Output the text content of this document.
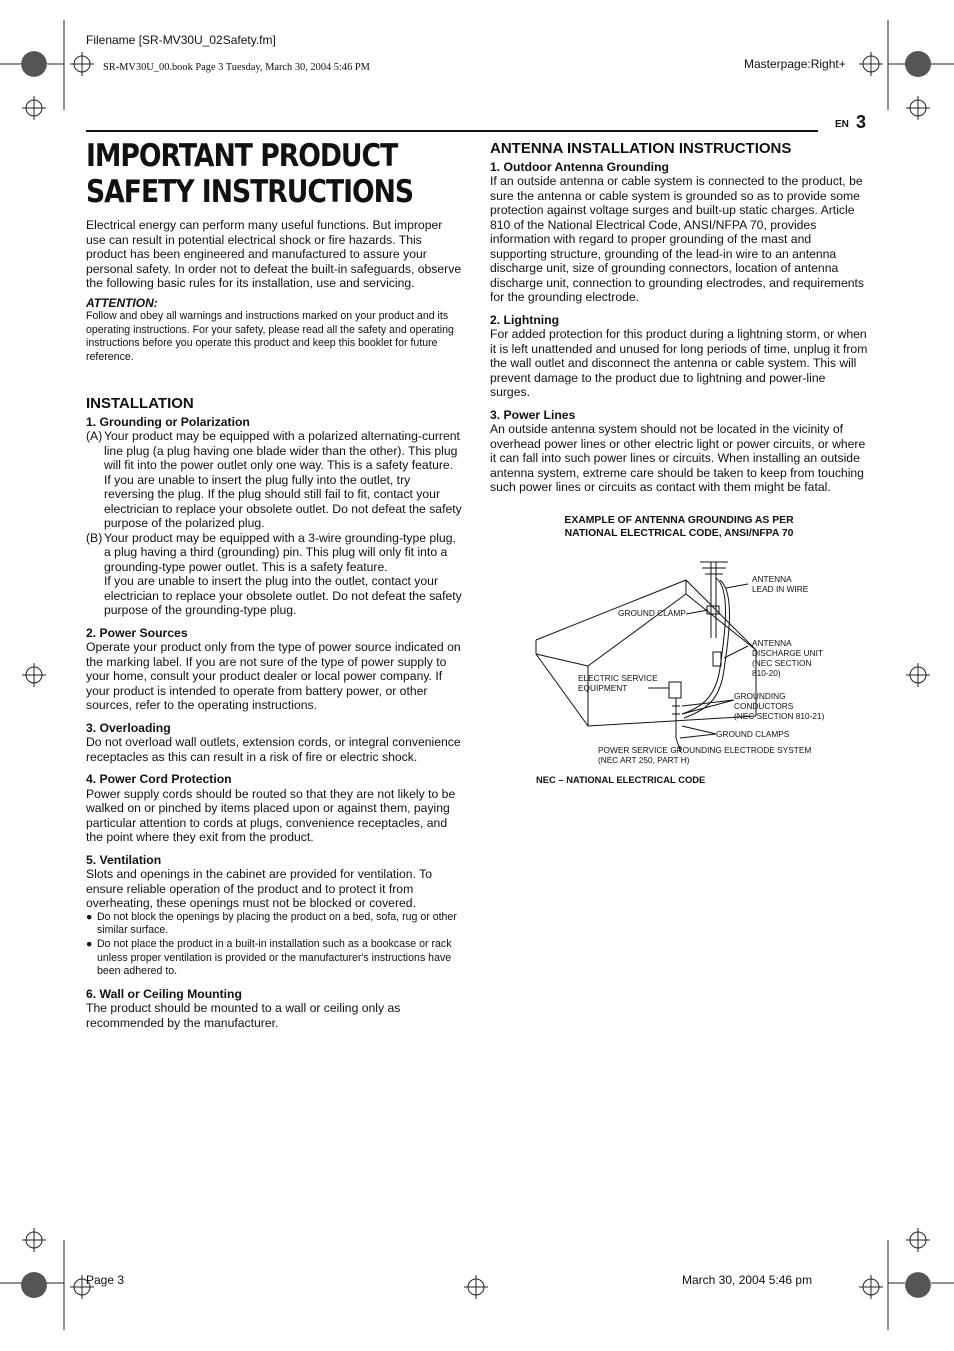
Filename [SR-MV30U_02Safety.fm]
SR-MV30U_00.book Page 3 Tuesday, March 30, 2004 5:46 PM	Masterpage:Right+
EN 3
IMPORTANT PRODUCT SAFETY INSTRUCTIONS

Electrical energy can perform many useful functions. But improper use can result in potential electrical shock or fire hazards. This product has been engineered and manufactured to assure your personal safety. In order not to defeat the built-in safeguards, observe the following basic rules for its installation, use and servicing.

ATTENTION:

Follow and obey all warnings and instructions marked on your product and its operating instructions. For your safety, please read all the safety and operating instructions before you operate this product and keep this booklet for future reference.

INSTALLATION

1. Grounding or Polarization

(A) Your product may be equipped with a polarized alternating-current line plug (a plug having one blade wider than the other). This plug will fit into the power outlet only one way. This is a safety feature.

If you are unable to insert the plug fully into the outlet, try reversing the plug. If the plug should still fail to fit, contact your electrician to replace your obsolete outlet. Do not defeat the safety purpose of the polarized plug.

(B) Your product may be equipped with a 3-wire grounding-type plug, a plug having a third (grounding) pin. This plug will only fit into a grounding-type power outlet. This is a safety feature.

If you are unable to insert the plug into the outlet, contact your electrician to replace your obsolete outlet. Do not defeat the safety purpose of the grounding-type plug.

2. Power Sources

Operate your product only from the type of power source indicated on the marking label. If you are not sure of the type of power supply to your home, consult your product dealer or local power company. If your product is intended to operate from battery power, or other sources, refer to the operating instructions.

3. Overloading

Do not overload wall outlets, extension cords, or integral convenience receptacles as this can result in a risk of fire or electric shock.

4. Power Cord Protection

Power supply cords should be routed so that they are not likely to be walked on or pinched by items placed upon or against them, paying particular attention to cords at plugs, convenience receptacles, and the point where they exit from the product.

5. Ventilation

Slots and openings in the cabinet are provided for ventilation. To ensure reliable operation of the product and to protect it from overheating, these openings must not be blocked or covered.

● Do not block the openings by placing the product on a bed, sofa, rug or other similar surface.
● Do not place the product in a built-in installation such as a bookcase or rack unless proper ventilation is provided or the manufacturer's instructions have been adhered to.

6. Wall or Ceiling Mounting

The product should be mounted to a wall or ceiling only as recommended by the manufacturer.

ANTENNA INSTALLATION INSTRUCTIONS

1. Outdoor Antenna Grounding

If an outside antenna or cable system is connected to the product, be sure the antenna or cable system is grounded so as to provide some protection against voltage surges and built-up static charges. Article 810 of the National Electrical Code, ANSI/NFPA 70, provides information with regard to proper grounding of the mast and supporting structure, grounding of the lead-in wire to an antenna discharge unit, size of grounding connectors, location of antenna discharge unit, connection to grounding electrodes, and requirements for the grounding electrode.

2. Lightning

For added protection for this product during a lightning storm, or when it is left unattended and unused for long periods of time, unplug it from the wall outlet and disconnect the antenna or cable system. This will prevent damage to the product due to lightning and power-line surges.

3. Power Lines

An outside antenna system should not be located in the vicinity of overhead power lines or other electric light or power circuits, or where it can fall into such power lines or circuits. When installing an outside antenna system, extreme care should be taken to keep from touching such power lines or circuits as contact with them might be fatal.

EXAMPLE OF ANTENNA GROUNDING AS PER
NATIONAL ELECTRICAL CODE, ANSI/NFPA 70
ANTENNA
LEAD IN WIRE
GROUND CLAMP
ANTENNA
DISCHARGE UNIT
(NEC SECTION
810-20)
ELECTRIC SERVICE
EQUIPMENT
GROUNDING
CONDUCTORS
(NEC SECTION 810-21)
GROUND CLAMPS
POWER SERVICE GROUNDING ELECTRODE SYSTEM
(NEC ART 250, PART H)
NEC – NATIONAL ELECTRICAL CODE
Page 3	March 30, 2004 5:46 pm
